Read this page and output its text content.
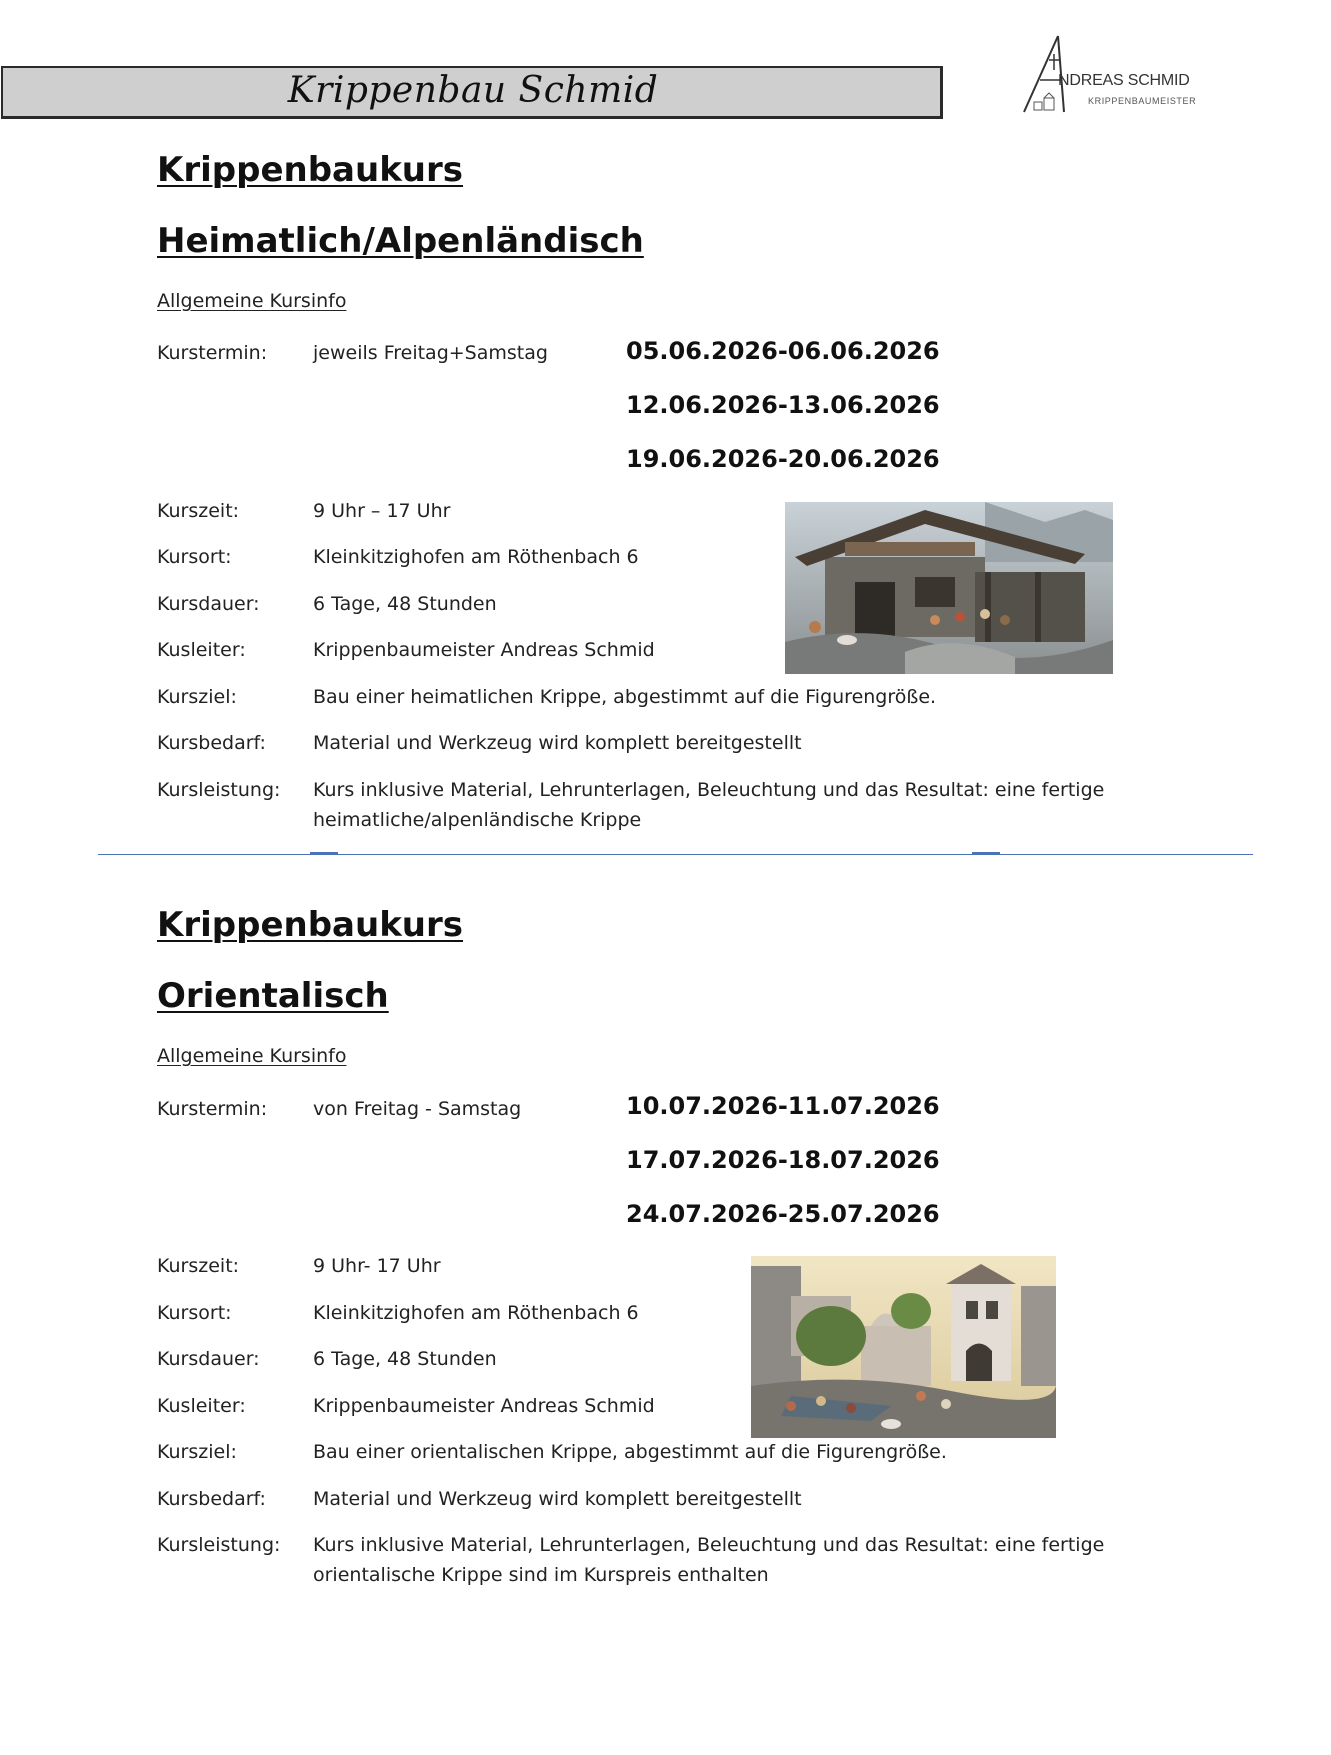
Krippenbau Schmid	NDREAS SCHMID
KRIPPENBAUMEISTER
Krippenbaukurs
Heimatlich/Alpenländisch
Allgemeine Kursinfo
Kurstermin: jeweils Freitag+Samstag	05.06.2026-06.06.2026
12.06.2026-13.06.2026
19.06.2026-20.06.2026
Kurszeit:	9 Uhr – 17 Uhr
Kursort:	Kleinkitzighofen am Röthenbach 6
Kursdauer:	6 Tage, 48 Stunden
Kusleiter:	Krippenbaumeister Andreas Schmid
Kursziel:	Bau einer heimatlichen Krippe, abgestimmt auf die Figurengröße.
Kursbedarf: Material und Werkzeug wird komplett bereitgestellt
Kursleistung: Kurs inklusive Material, Lehrunterlagen, Beleuchtung und das Resultat: eine fertige
heimatliche/alpenländische Krippe
Krippenbaukurs
Orientalisch
Allgemeine Kursinfo
Kurstermin: von Freitag - Samstag	10.07.2026-11.07.2026
17.07.2026-18.07.2026
24.07.2026-25.07.2026
Kurszeit:	9 Uhr- 17 Uhr
Kursort:	Kleinkitzighofen am Röthenbach 6
Kursdauer:	6 Tage, 48 Stunden
Kusleiter:	Krippenbaumeister Andreas Schmid
Kursziel:	Bau einer orientalischen Krippe, abgestimmt auf die Figurengröße.
Kursbedarf: Material und Werkzeug wird komplett bereitgestellt
Kursleistung: Kurs inklusive Material, Lehrunterlagen, Beleuchtung und das Resultat: eine fertige
orientalische Krippe sind im Kurspreis enthalten
